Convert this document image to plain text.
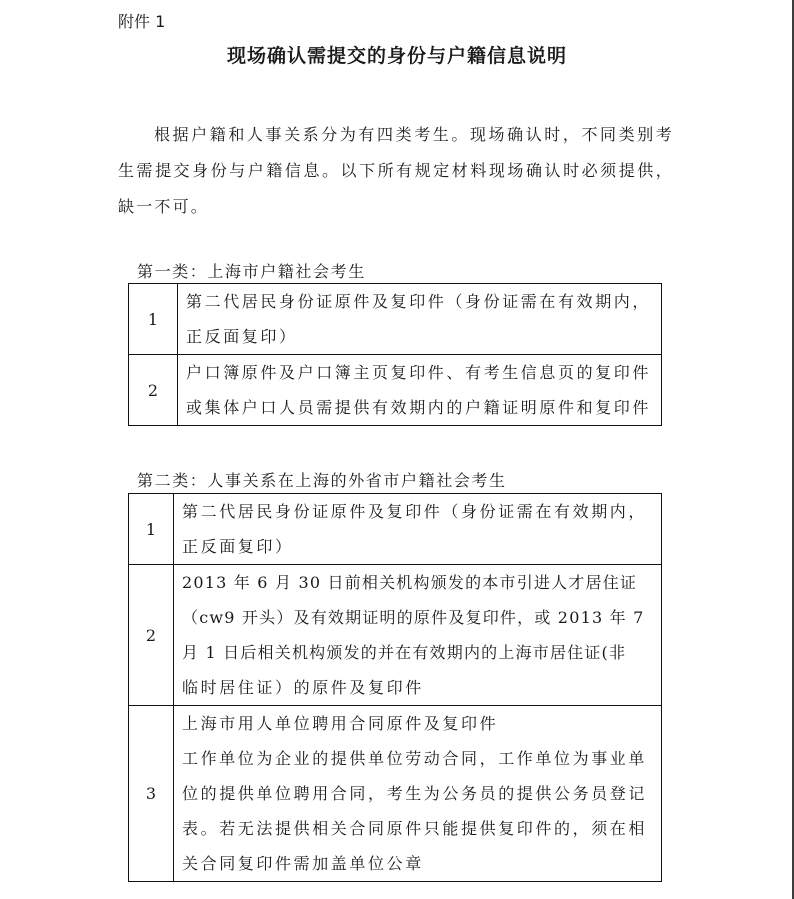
附件 1
现场确认需提交的身份与户籍信息说明
根据户籍和人事关系分为有四类考生。现场确认时，不同类别考生需提交身份与户籍信息。以下所有规定材料现场确认时必须提供，缺一不可。
第一类：上海市户籍社会考生
1	第二代居民身份证原件及复印件（身份证需在有效期内，
正反面复印）

2	户口簿原件及户口簿主页复印件、有考生信息页的复印件
或集体户口人员需提供有效期内的户籍证明原件和复印件
第二类：人事关系在上海的外省市户籍社会考生
1	第二代居民身份证原件及复印件（身份证需在有效期内，
正反面复印）

2	2013 年 6 月 30 日前相关机构颁发的本市引进人才居住证
（cw9 开头）及有效期证明的原件及复印件，或 2013 年 7
月 1 日后相关机构颁发的并在有效期内的上海市居住证(非
临时居住证）的原件及复印件

3	上海市用人单位聘用合同原件及复印件
工作单位为企业的提供单位劳动合同，工作单位为事业单
位的提供单位聘用合同，考生为公务员的提供公务员登记
表。若无法提供相关合同原件只能提供复印件的，须在相
关合同复印件需加盖单位公章
